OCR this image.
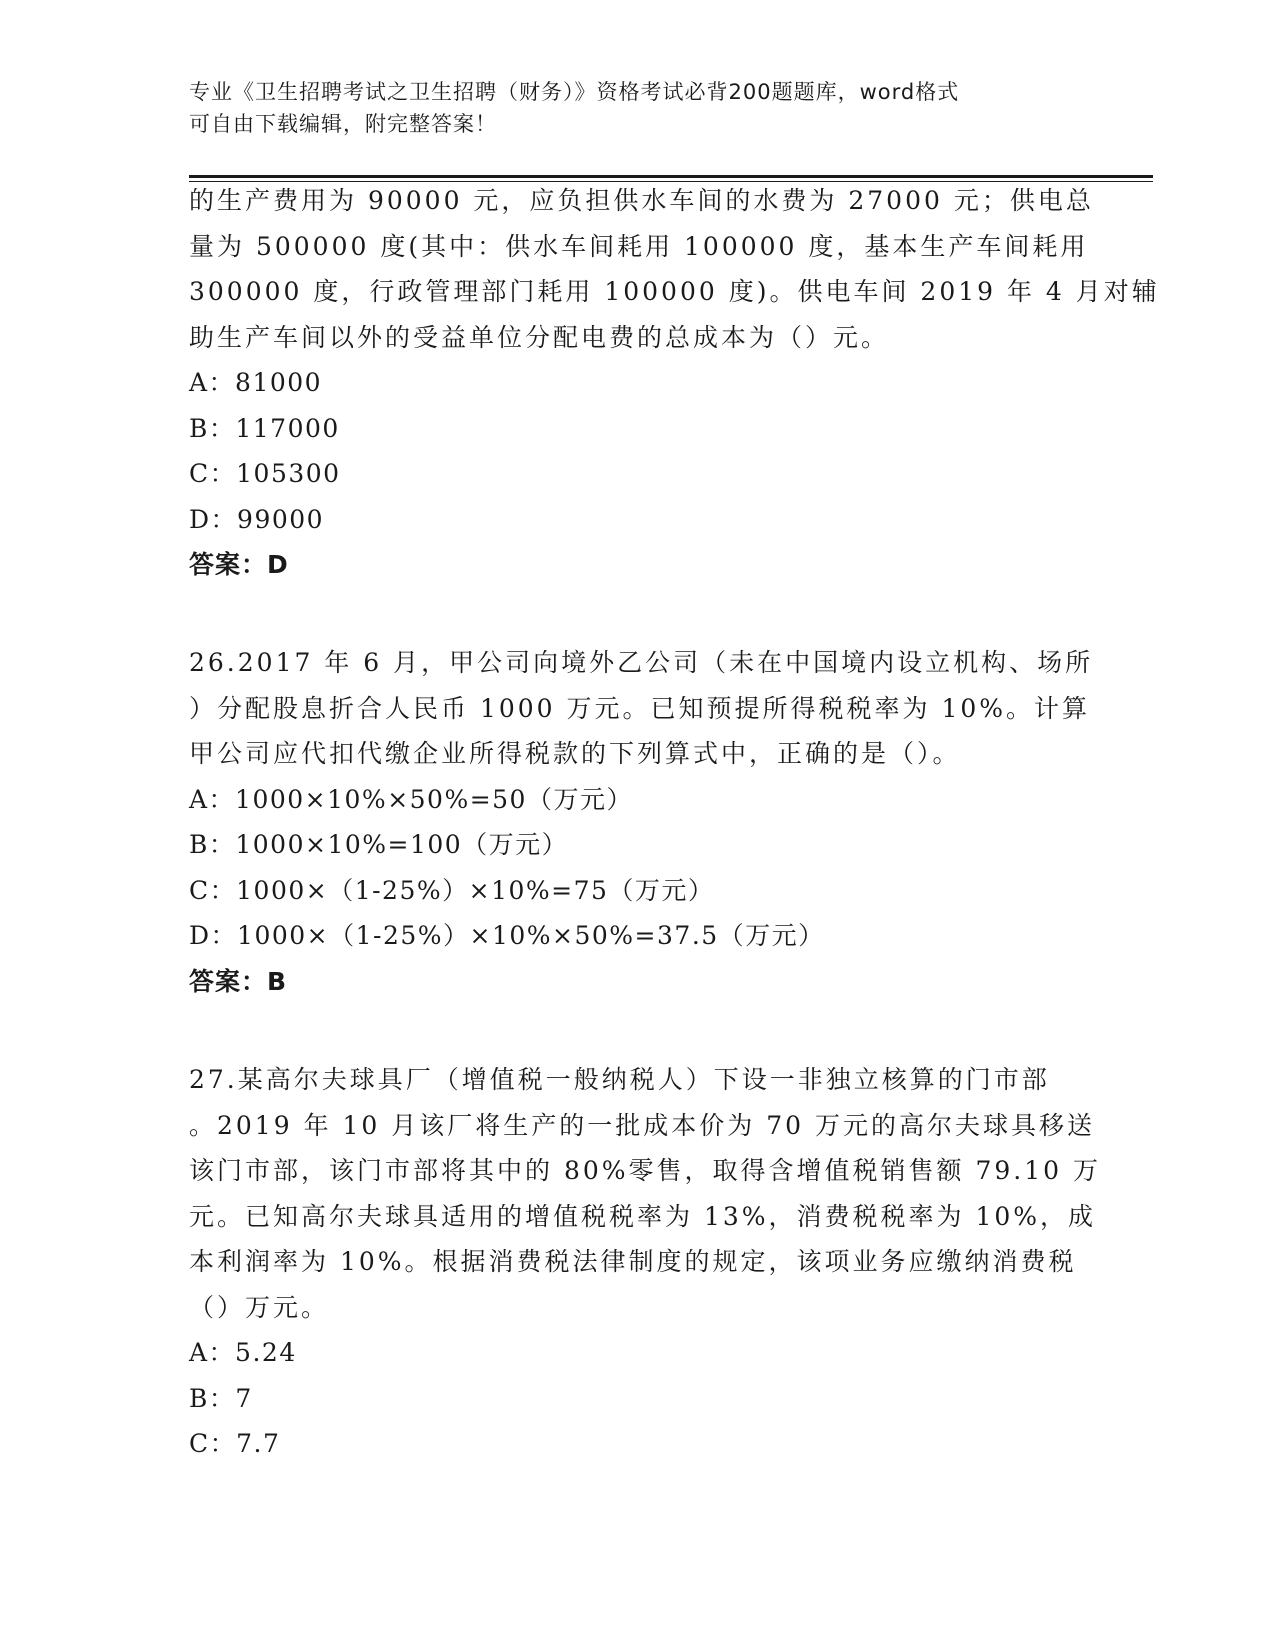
专业《卫生招聘考试之卫生招聘（财务）》资格考试必背200题题库，word格式
可自由下载编辑，附完整答案！
的生产费用为 90000 元，应负担供水车间的水费为 27000 元；供电总
量为 500000 度(其中：供水车间耗用 100000 度，基本生产车间耗用
300000 度，行政管理部门耗用 100000 度)。供电车间 2019 年 4 月对辅
助生产车间以外的受益单位分配电费的总成本为（）元。
A：81000
B：117000
C：105300
D：99000
答案：D
26.2017 年 6 月，甲公司向境外乙公司（未在中国境内设立机构、场所
）分配股息折合人民币 1000 万元。已知预提所得税税率为 10%。计算
甲公司应代扣代缴企业所得税款的下列算式中，正确的是（）。
A：1000×10%×50%=50（万元）
B：1000×10%=100（万元）
C：1000×（1-25%）×10%=75（万元）
D：1000×（1-25%）×10%×50%=37.5（万元）
答案：B
27.某高尔夫球具厂（增值税一般纳税人）下设一非独立核算的门市部
。2019 年 10 月该厂将生产的一批成本价为 70 万元的高尔夫球具移送
该门市部，该门市部将其中的 80%零售，取得含增值税销售额 79.10 万
元。已知高尔夫球具适用的增值税税率为 13%，消费税税率为 10%，成
本利润率为 10%。根据消费税法律制度的规定，该项业务应缴纳消费税
（）万元。
A：5.24
B：7
C：7.7
